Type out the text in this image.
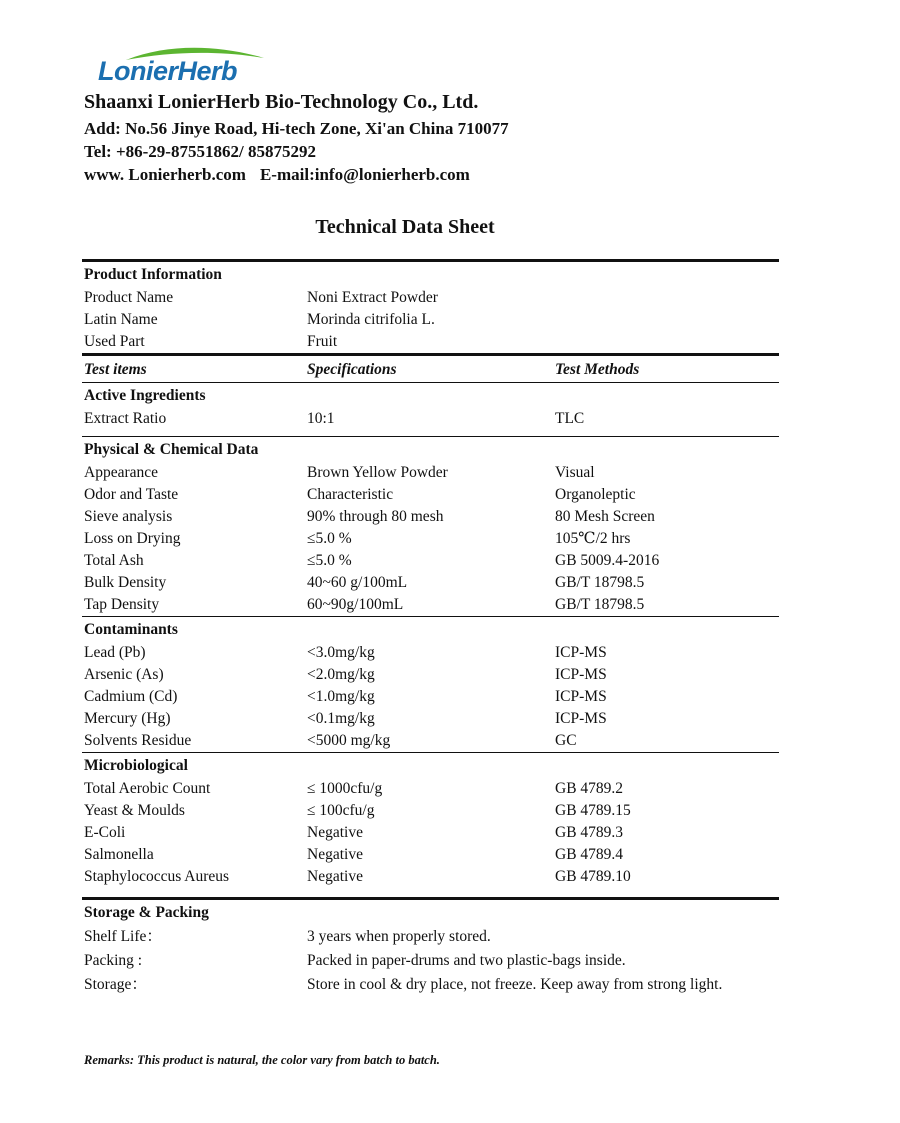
LonierHerb
Shaanxi LonierHerb Bio-Technology Co., Ltd.
Add: No.56 Jinye Road, Hi-tech Zone, Xi'an China 710077
Tel: +86-29-87551862/ 85875292
www. Lonierherb.com E-mail:info@lonierherb.com
Technical Data Sheet
Product Information
Product Name	Noni Extract Powder
Latin Name	Morinda citrifolia L.
Used Part	Fruit
Test items	Specifications	Test Methods
Active Ingredients
Extract Ratio	10:1	TLC
Physical & Chemical Data
Appearance	Brown Yellow Powder	Visual
Odor and Taste	Characteristic	Organoleptic
Sieve analysis	90% through 80 mesh	80 Mesh Screen
Loss on Drying	≤5.0 %	105℃/2 hrs
Total Ash	≤5.0 %	GB 5009.4-2016
Bulk Density	40~60 g/100mL	GB/T 18798.5
Tap Density	60~90g/100mL	GB/T 18798.5
Contaminants
Lead (Pb)	<3.0mg/kg	ICP-MS
Arsenic (As)	<2.0mg/kg	ICP-MS
Cadmium (Cd)	<1.0mg/kg	ICP-MS
Mercury (Hg)	<0.1mg/kg	ICP-MS
Solvents Residue	<5000 mg/kg	GC
Microbiological
Total Aerobic Count	≤ 1000cfu/g	GB 4789.2
Yeast & Moulds	≤ 100cfu/g	GB 4789.15
E-Coli	Negative	GB 4789.3
Salmonella	Negative	GB 4789.4
Staphylococcus Aureus	Negative	GB 4789.10
Storage & Packing
Shelf Life：	3 years when properly stored.
Packing :	Packed in paper-drums and two plastic-bags inside.
Storage：	Store in cool & dry place, not freeze. Keep away from strong light.
Remarks: This product is natural, the color vary from batch to batch.
